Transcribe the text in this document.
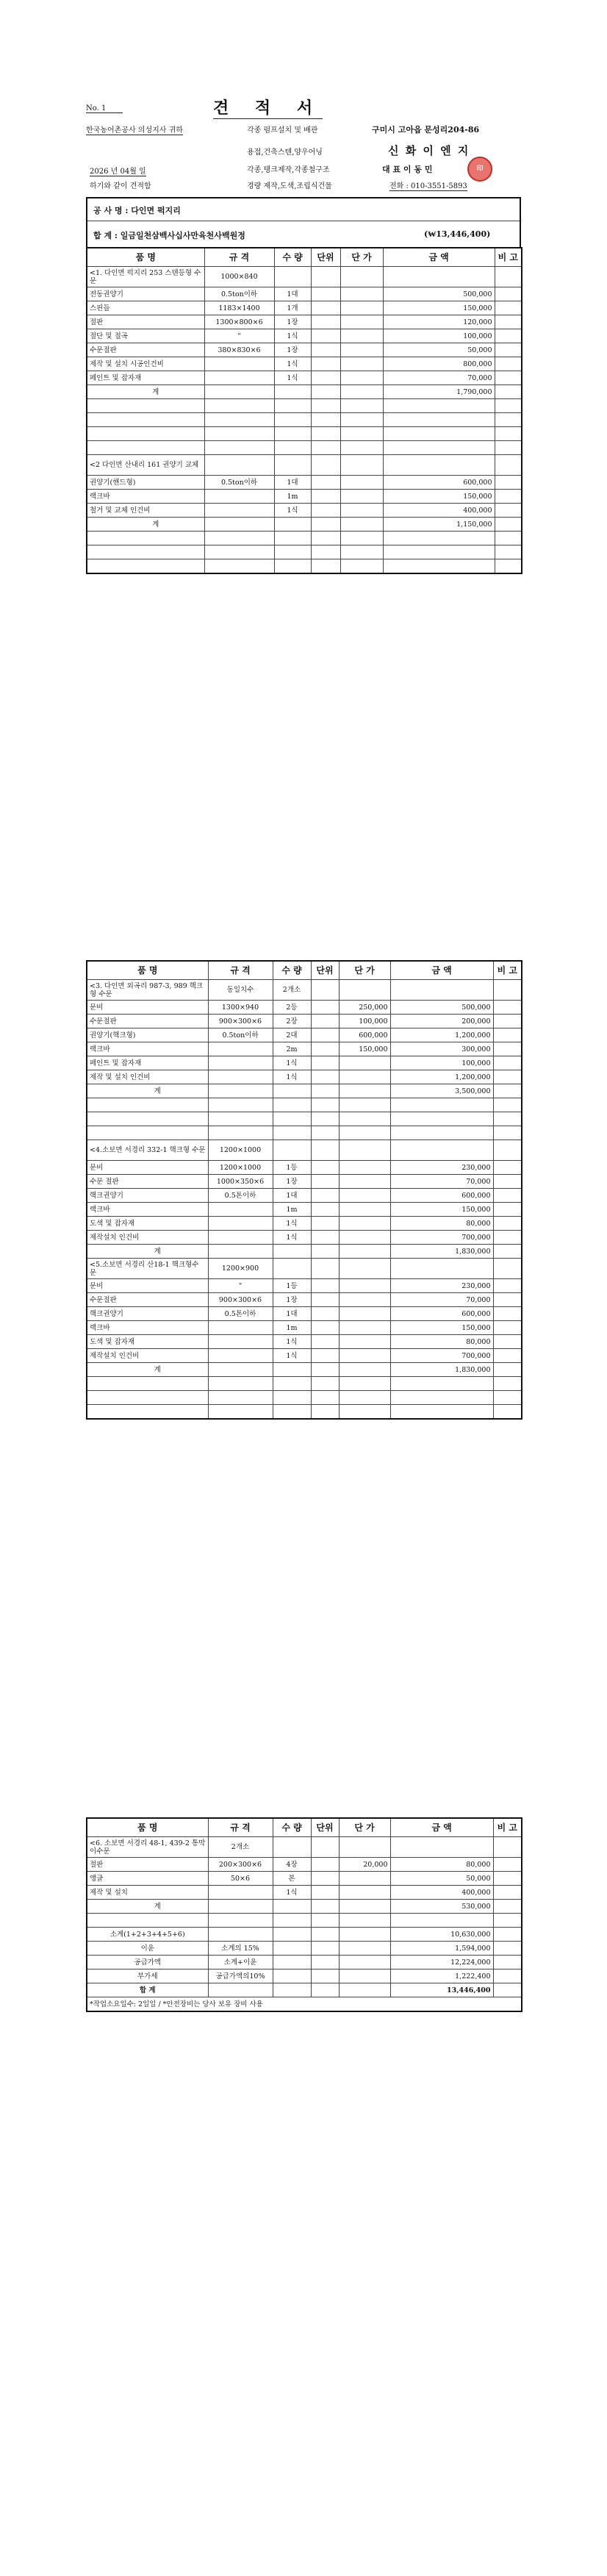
No. 1	견 적 서
한국농어촌공사 의성지사 귀하
2026 년 04월 일
하기와 같이 견적함
각종 펌프설치 및 배관
용접,건축스텐,양우어닝
각종,탱크제작,각종철구조
경량 제작,도색,조립식건물
구미시 고아읍 문성리204-86
신 화 이 엔 지
대 표 이 동 민	印
전화 : 010-3551-5893
공 사 명 : 다인면 퍽지리
합 계 : 일금일천삼백사십사만육천사백원정	(₩13,446,400)
품 명	규 격	수 량	단위	단 가	금 액	비 고
<1. 다인면 퍽지리 253 스텐등형 수문	1000×840					
전동권양기	0.5ton이하	1대			500,000	
스핀들	1183×1400	1개			150,000	
절판	1300×800×6	1장			120,000	
절단 및 절곡	"	1식			100,000	
수문절판	380×830×6	1장			50,000	
제작 및 설치 시공인건비		1식			800,000	
페인트 및 잡자재		1식			70,000	
계					1,790,000	

<2 다인면 산내리 161 권양기 교체						
권양기(핸드형)	0.5ton이하	1대			600,000	
랙크바		1m			150,000	
철거 및 교체 인건비		1식			400,000	
계					1,150,000	

품 명	규 격	수 량	단위	단 가	금 액	비 고
<3. 다인면 외곡리 987-3, 989 핵크형 수문	동일치수	2개소				
문비	1300×940	2등		250,000	500,000	
수문절판	900×300×6	2장		100,000	200,000	
권양기(핵크형)	0.5ton이하	2대		600,000	1,200,000	
랙크바		2m		150,000	300,000	
페인트 및 잡자재		1식			100,000	
제작 및 설치 인건비		1식			1,200,000	
계					3,500,000	

<4.소보면 서경리 332-1 핵크형 수문	1200×1000					
문비	1200×1000	1등			230,000	
수문 절판	1000×350×6	1장			70,000	
핵크권양기	0.5톤이하	1대			600,000	
랙크바		1m			150,000	
도색 및 잡자재		1식			80,000	
제작설치 인건비		1식			700,000	
계					1,830,000	
<5.소보면 서경리 산18-1 핵크형수문	1200×900					
문비	"	1등			230,000	
수문절판	900×300×6	1장			70,000	
핵크권양기	0.5톤이하	1대			600,000	
랙크바		1m			150,000	
도색 및 잡자재		1식			80,000	
제작설치 인건비		1식			700,000	
계					1,830,000	

품 명	규 격	수 량	단위	단 가	금 액	비 고
<6. 소보면 서경리 48-1, 439-2 통막이수문	2개소					
절판	200×300×6	4장		20,000	80,000	
앵글	50×6	본			50,000	
제작 및 설치		1식			400,000	
계					530,000	

소계(1+2+3+4+5+6)					10,630,000	
이윤	소계의 15%				1,594,000	
공급가액	소계+이윤				12,224,000	
부가세	공급가액의10%				1,222,400	
합 계					13,446,400	
*작업소요일수: 2일일 / *안전장비는 당사 보유 장비 사용						
